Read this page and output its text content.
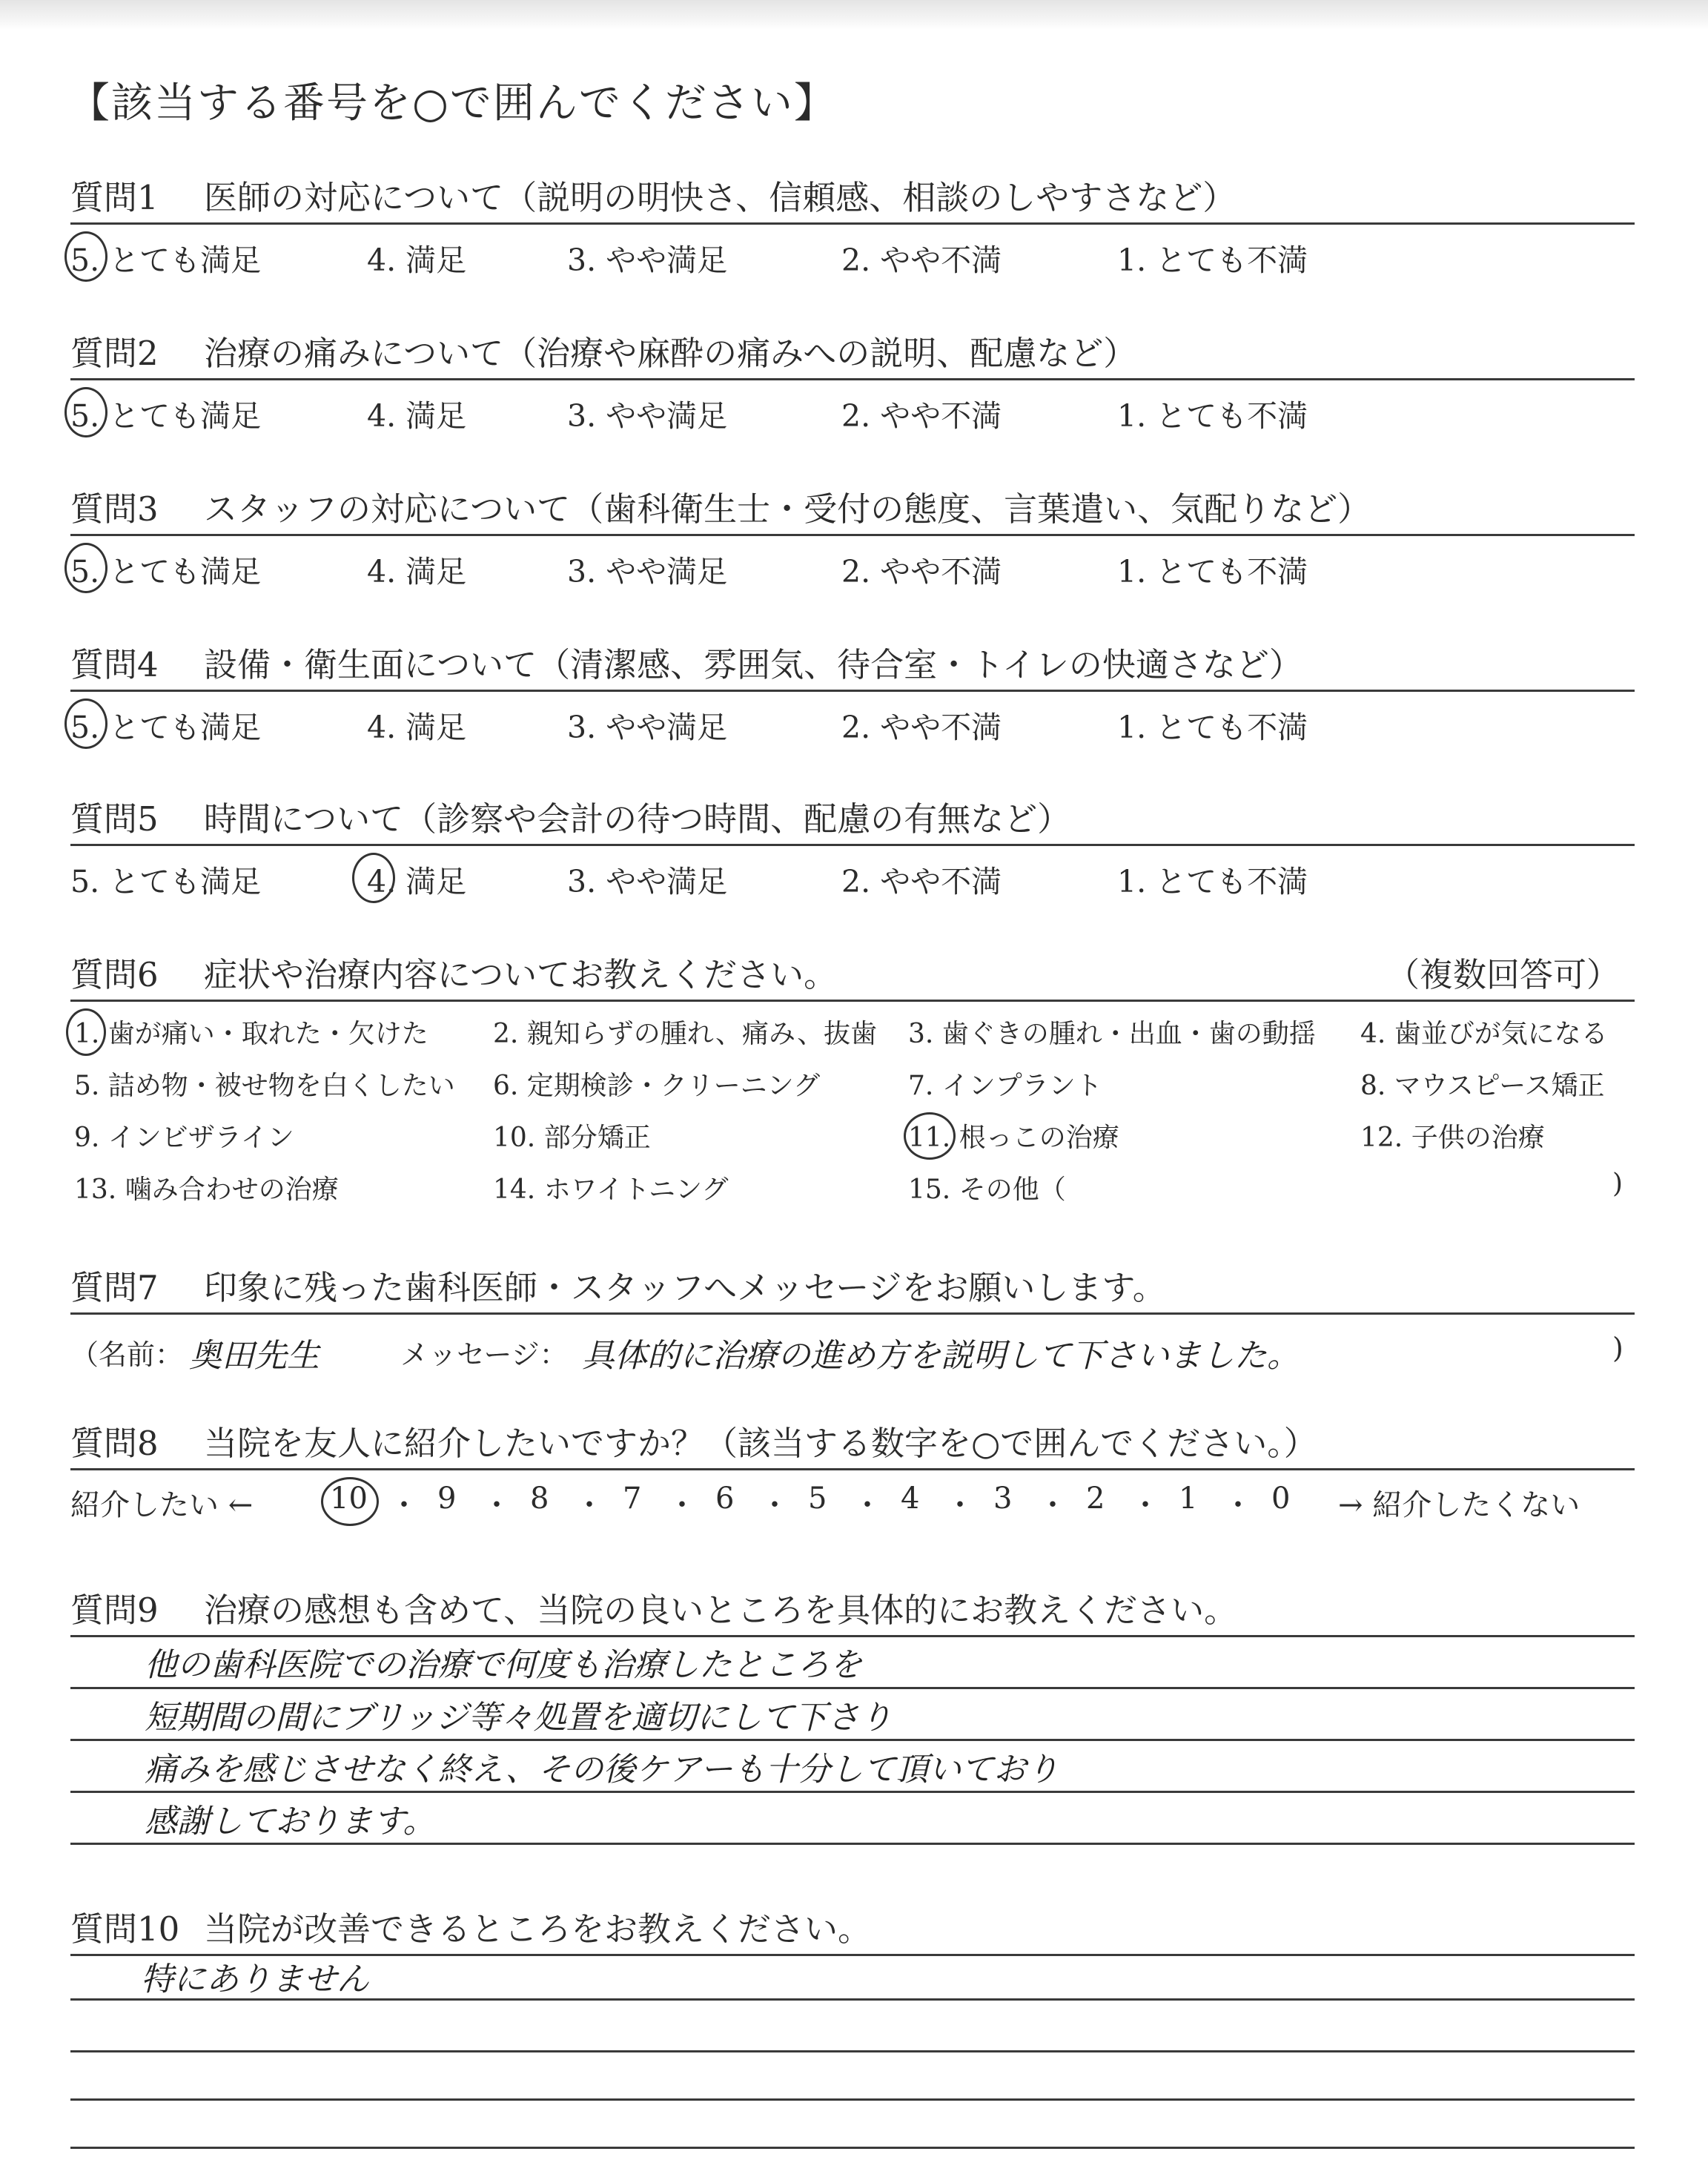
【該当する番号を○で囲んでください】
質問1 医師の対応について（説明の明快さ、信頼感、相談のしやすさなど）
5. とても満足	4. 満足	3. やや満足	2. やや不満	1. とても不満
質問2 治療の痛みについて（治療や麻酔の痛みへの説明、配慮など）
5. とても満足	4. 満足	3. やや満足	2. やや不満	1. とても不満
質問3 スタッフの対応について（歯科衛生士・受付の態度、言葉遣い、気配りなど）
5. とても満足	4. 満足	3. やや満足	2. やや不満	1. とても不満
質問4 設備・衛生面について（清潔感、雰囲気、待合室・トイレの快適さなど）
5. とても満足	4. 満足	3. やや満足	2. やや不満	1. とても不満
質問5 時間について（診察や会計の待つ時間、配慮の有無など）
5. とても満足	4. 満足	3. やや満足	2. やや不満	1. とても不満
質問6 症状や治療内容についてお教えください。	（複数回答可）
1. 歯が痛い・取れた・欠けた 2. 親知らずの腫れ、痛み、抜歯 3. 歯ぐきの腫れ・出血・歯の動揺 4. 歯並びが気になる
5. 詰め物・被せ物を白くしたい 6. 定期検診・クリーニング	7. インプラント	8. マウスピース矯正
9. インビザライン	10. 部分矯正	11. 根っこの治療	12. 子供の治療
13. 噛み合わせの治療	14. ホワイトニング	15. その他（	)
質問7 印象に残った歯科医師・スタッフへメッセージをお願いします。
（名前： 奥田先生	メッセージ： 具体的に治療の進め方を説明して下さいました。	)
質問8 当院を友人に紹介したいですか？（該当する数字を○で囲んでください。）
紹介したい ←	10 ・ 9 ・ 8 ・ 7 ・ 6 ・ 5 ・ 4 ・ 3 ・ 2 ・ 1 ・ 0 → 紹介したくない
質問9 治療の感想も含めて、当院の良いところを具体的にお教えください。
他の歯科医院での治療で何度も治療したところを
短期間の間にブリッジ等々処置を適切にして下さり
痛みを感じさせなく終え、その後ケアーも十分して頂いており
感謝しております。
質問10 当院が改善できるところをお教えください。
特にありません
